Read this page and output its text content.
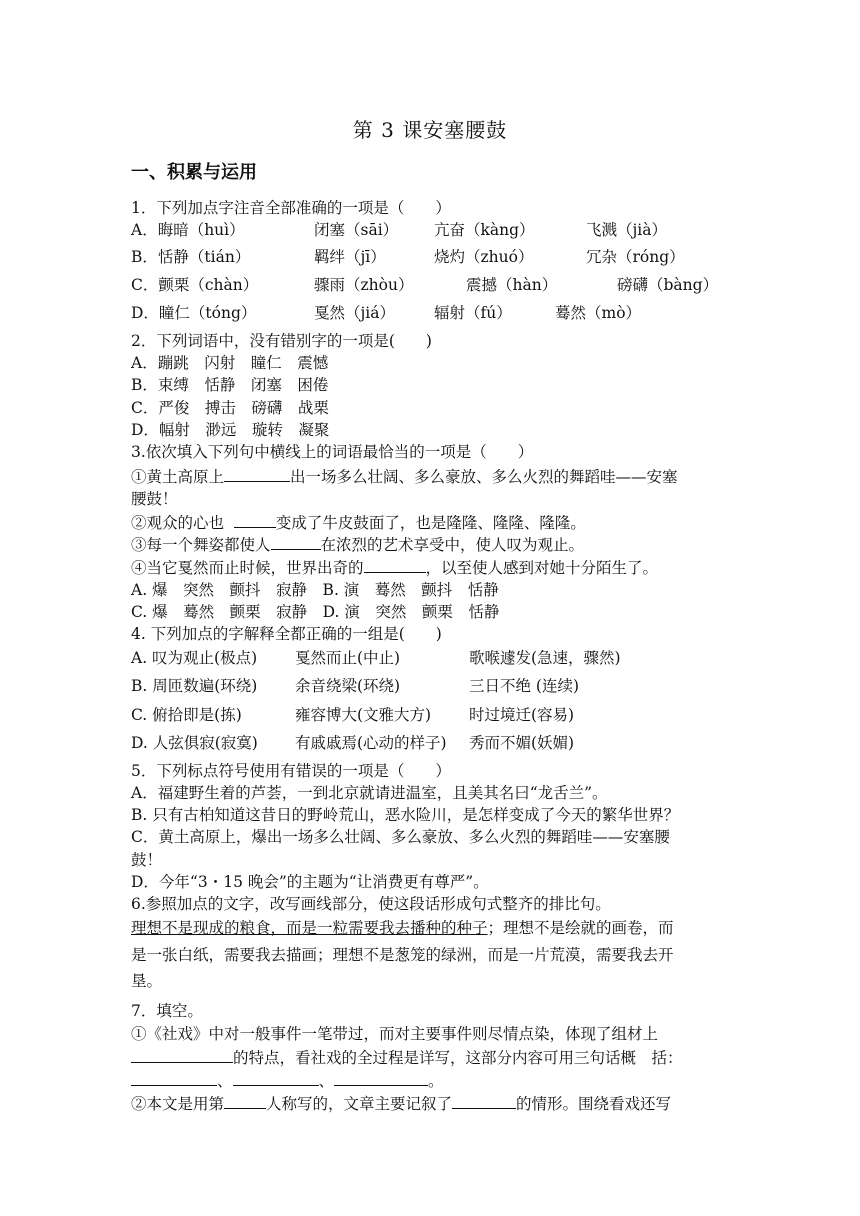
第 3 课安塞腰鼓
一、积累与运用
1．下列加点字注音全部准确的一项是（　　）
A．晦暗（huì）	闭塞（sāi） 亢奋（kàng）	飞溅（jià）
B．恬静（tián）	羁绊（jī）	烧灼（zhuó）	冗杂（róng）
C．颤栗（chàn）	骤雨（zhòu）	震撼（hàn）	磅礴（bàng）
D．瞳仁（tóng）	戛然（jiá）	辐射（fú）	蓦然（mò）
2．下列词语中，没有错别字的一项是(　　)
A．蹦跳　闪射　瞳仁　震憾
B．束缚　恬静　闭塞　困倦
C．严俊　搏击　磅礴　战栗
D．幅射　渺远　璇转　凝聚
3.依次填入下列句中横线上的词语最恰当的一项是（　　）
①黄土高原上	出一场多么壮阔、多么豪放、多么火烈的舞蹈哇——安塞
腰鼓！
②观众的心也	变成了牛皮鼓面了，也是隆隆、隆隆、隆隆。
③每一个舞姿都使人	在浓烈的艺术享受中，使人叹为观止。
④当它戛然而止时候，世界出奇的	，以至使人感到对她十分陌生了。
A. 爆　突然　颤抖　寂静　B. 演　蓦然　颤抖　恬静
C. 爆　蓦然　颤栗　寂静　D. 演　突然　颤栗　恬静
4. 下列加点的字解释全都正确的一组是(　　)
A. 叹为观止(极点) 戛然而止(中止)	歌喉遽发(急速，骤然)
B. 周匝数遍(环绕) 余音绕梁(环绕)	三日不绝 (连续)
C. 俯拾即是(拣)	雍容博大(文雅大方) 时过境迁(容易)
D. 人弦俱寂(寂寞) 有戚戚焉(心动的样子) 秀而不媚(妖媚)
5．下列标点符号使用有错误的一项是（　　）
A．福建野生着的芦荟，一到北京就请进温室，且美其名曰“龙舌兰”。
B. 只有古柏知道这昔日的野岭荒山，恶水险川，是怎样变成了今天的繁华世界？
C．黄土高原上，爆出一场多么壮阔、多么豪放、多么火烈的舞蹈哇——安塞腰
鼓！
D．今年“3・15 晚会”的主题为“让消费更有尊严”。
6.参照加点的文字，改写画线部分，使这段话形成句式整齐的排比句。
理想不是现成的粮食，而是一粒需要我去播种的种子；理想不是绘就的画卷，而
是一张白纸，需要我去描画；理想不是葱笼的绿洲，而是一片荒漠，需要我去开
垦。
7．填空。
①《社戏》中对一般事件一笔带过，而对主要事件则尽情点染，体现了组材上
的特点，看社戏的全过程是详写，这部分内容可用三句话概　括：
、	、	。
②本文是用第	人称写的，文章主要记叙了	的情形。围绕看戏还写
